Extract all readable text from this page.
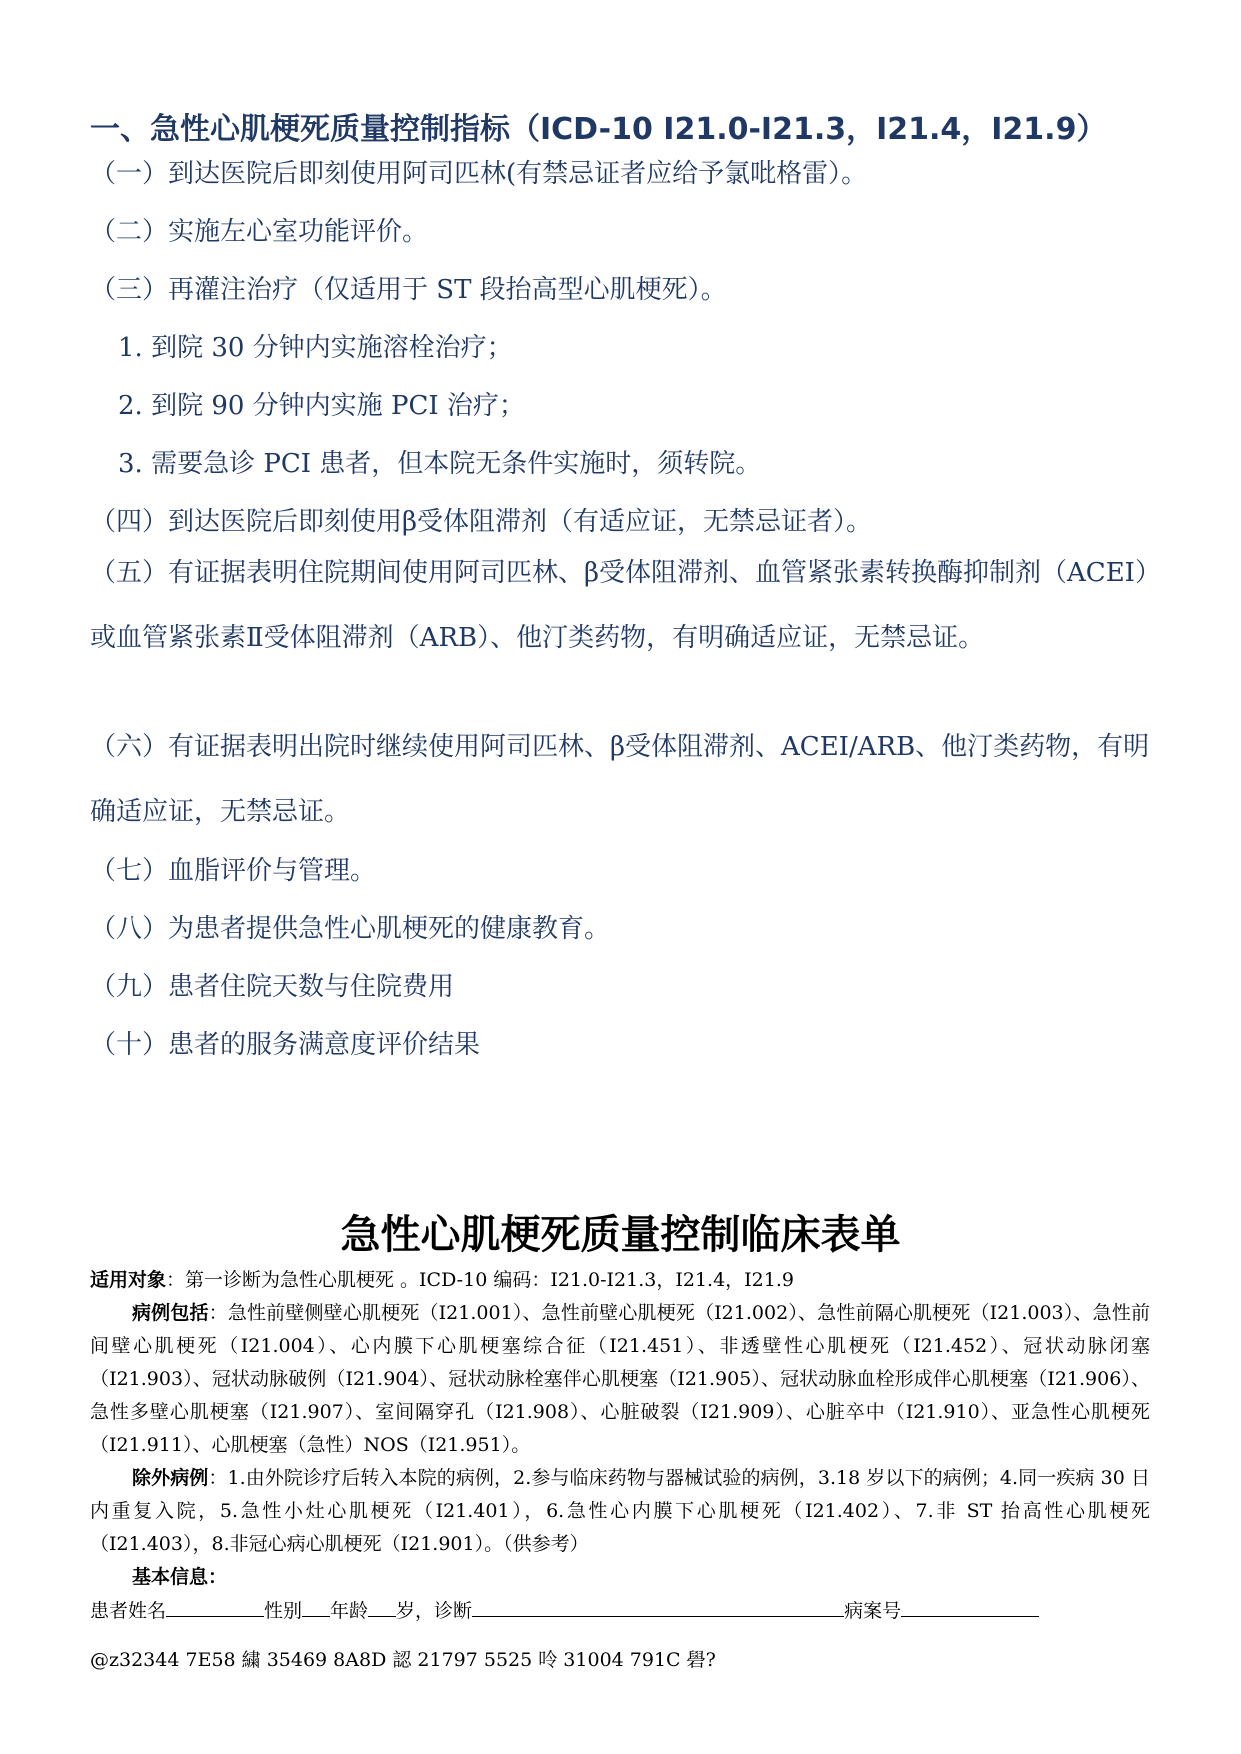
一、急性心肌梗死质量控制指标（ICD-10 I21.0-I21.3，I21.4，I21.9）
（一）到达医院后即刻使用阿司匹林(有禁忌证者应给予氯吡格雷）。
（二）实施左心室功能评价。
（三）再灌注治疗（仅适用于 ST 段抬高型心肌梗死）。
1. 到院 30 分钟内实施溶栓治疗；
2. 到院 90 分钟内实施 PCI 治疗；
3. 需要急诊 PCI 患者，但本院无条件实施时，须转院。
（四）到达医院后即刻使用β受体阻滞剂（有适应证，无禁忌证者）。
（五）有证据表明住院期间使用阿司匹林、β受体阻滞剂、血管紧张素转换酶抑制剂（ACEI）或血管紧张素Ⅱ受体阻滞剂（ARB）、他汀类药物，有明确适应证，无禁忌证。
（六）有证据表明出院时继续使用阿司匹林、β受体阻滞剂、ACEI/ARB、他汀类药物，有明确适应证，无禁忌证。
（七）血脂评价与管理。
（八）为患者提供急性心肌梗死的健康教育。
（九）患者住院天数与住院费用
（十）患者的服务满意度评价结果
急性心肌梗死质量控制临床表单

适用对象：第一诊断为急性心肌梗死 。ICD-10 编码：I21.0-I21.3，I21.4，I21.9

病例包括：急性前壁侧壁心肌梗死（I21.001）、急性前壁心肌梗死（I21.002）、急性前隔心肌梗死（I21.003）、急性前间壁心肌梗死（I21.004）、心内膜下心肌梗塞综合征（I21.451）、非透壁性心肌梗死（I21.452）、冠状动脉闭塞（I21.903）、冠状动脉破例（I21.904）、冠状动脉栓塞伴心肌梗塞（I21.905）、冠状动脉血栓形成伴心肌梗塞（I21.906）、急性多壁心肌梗塞（I21.907）、室间隔穿孔（I21.908）、心脏破裂（I21.909）、心脏卒中（I21.910）、亚急性心肌梗死（I21.911）、心肌梗塞（急性）NOS（I21.951）。

除外病例：1.由外院诊疗后转入本院的病例，2.参与临床药物与器械试验的病例，3.18 岁以下的病例；4.同一疾病 30 日内重复入院，5.急性小灶心肌梗死（I21.401），6.急性心内膜下心肌梗死（I21.402）、7.非 ST 抬高性心肌梗死（I21.403），8.非冠心病心肌梗死（I21.901）。（供参考）

基本信息：

患者姓名	性别 年龄 岁，诊断	病案号

@z32344 7E58 繍 35469 8A8D 認 21797 5525 呤 31004 791C 礐?
